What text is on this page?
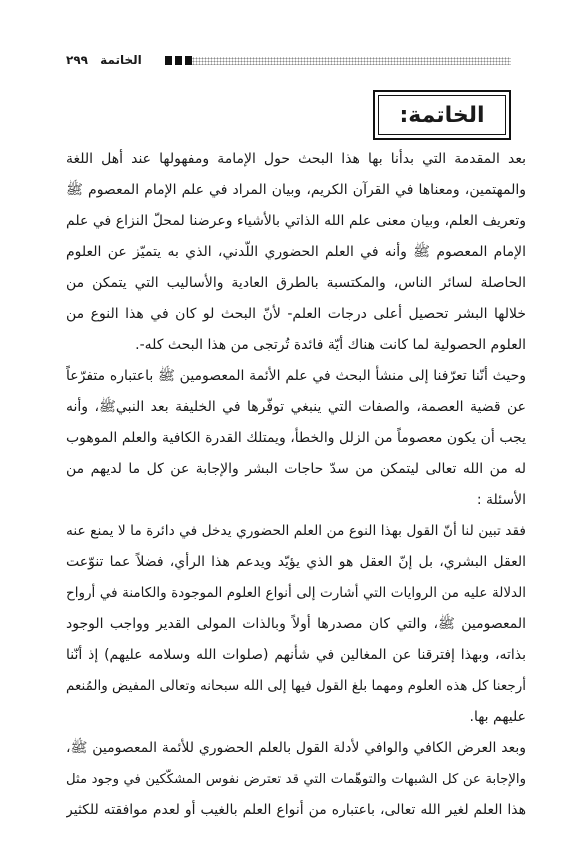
الخاتمة ٢٩٩
الخاتمة:
بعد المقدمة التي بدأنا بها هذا البحث حول الإمامة ومفهولها عند أهل اللغة
والمهتمين، ومعناها في القرآن الكريم، وبيان المراد في علم الإمام المعصوم ﷺ
وتعريف العلم، وبيان معنى علم الله الذاتي بالأشياء وعرضنا لمحلّ النزاع في علم
الإمام المعصوم ﷺ وأنه في العلم الحضوري اللّدني، الذي به يتميّز عن العلوم
الحاصلة لسائر الناس، والمكتسبة بالطرق العادية والأساليب التي يتمكن من
خلالها البشر تحصيل أعلى درجات العلم- لأنّ البحث لو كان في هذا النوع من
العلوم الحصولية لما كانت هناك أيّة فائدة تُرتجى من هذا البحث كله-.
وحيث أنّنا تعرّفنا إلى منشأ البحث في علم الأئمة المعصومين ﷺ باعتباره متفرّعاً
عن قضية العصمة، والصفات التي ينبغي توفّرها في الخليفة بعد النبيﷺ، وأنه
يجب أن يكون معصوماً من الزلل والخطأ، ويمتلك القدرة الكافية والعلم الموهوب
له من الله تعالى ليتمكن من سدّ حاجات البشر والإجابة عن كل ما لديهم من
الأسئلة :
فقد تبين لنا أنّ القول بهذا النوع من العلم الحضوري يدخل في دائرة ما لا يمنع عنه
العقل البشري، بل إنّ العقل هو الذي يؤيّد ويدعم هذا الرأي، فضلاً عما تنوّعت
الدلالة عليه من الروايات التي أشارت إلى أنواع العلوم الموجودة والكامنة في أرواح
المعصومين ﷺ، والتي كان مصدرها أولاً وبالذات المولى القدير وواجب الوجود
بذاته، وبهذا إفترقنا عن المغالين في شأنهم (صلوات الله وسلامه عليهم) إذ أنّنا
أرجعنا كل هذه العلوم ومهما بلغ القول فيها إلى الله سبحانه وتعالى المفيض والمُنعم
عليهم بها.
وبعد العرض الكافي والوافي لأدلة القول بالعلم الحضوري للأئمة المعصومين ﷺ،
والإجابة عن كل الشبهات والتوهّمات التي قد تعترض نفوس المشكّكين في وجود مثل
هذا العلم لغير الله تعالى، باعتباره من أنواع العلم بالغيب أو لعدم موافقته للكثير
